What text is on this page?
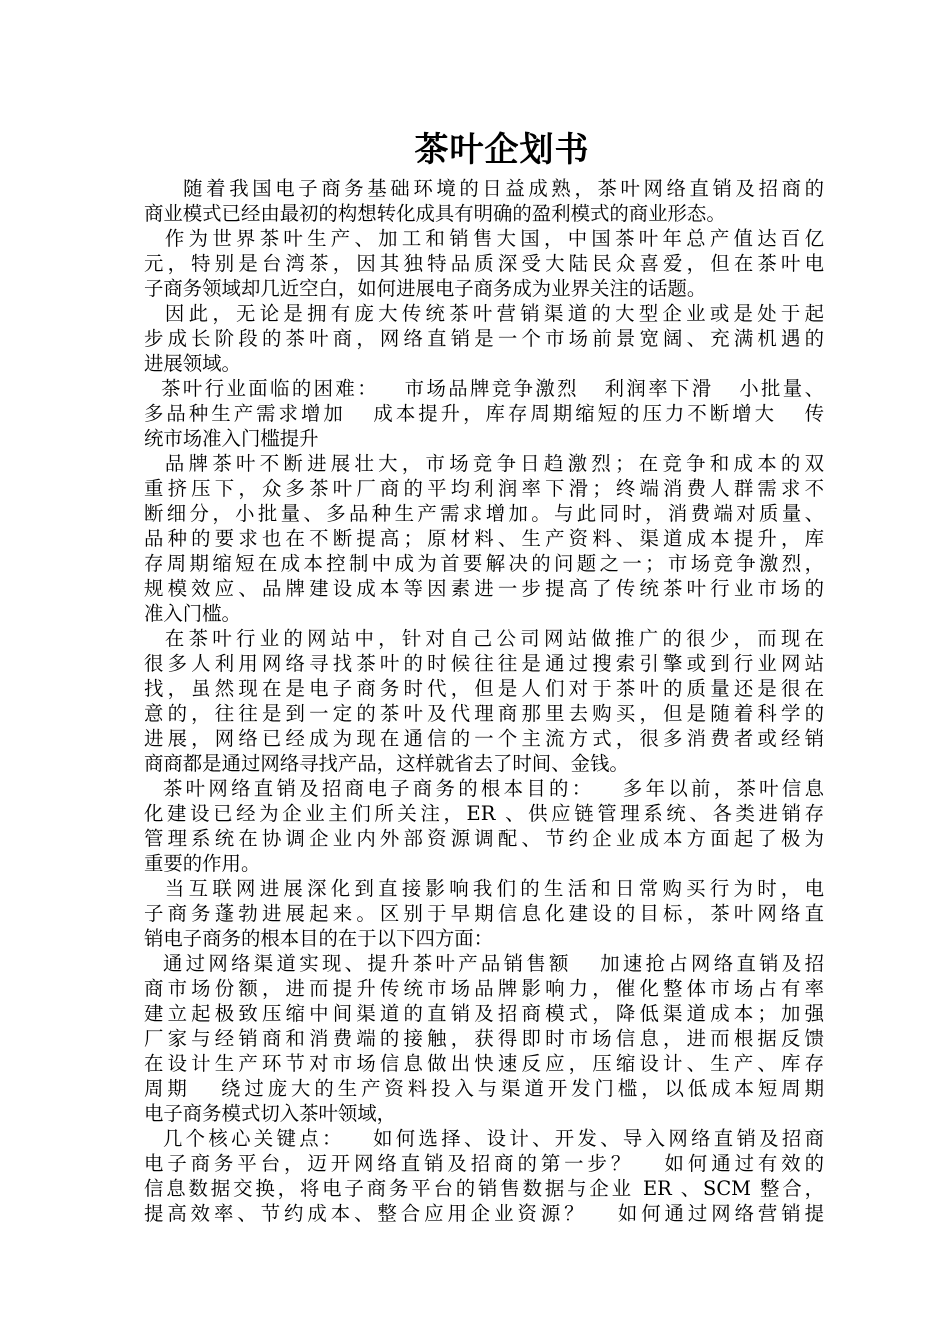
茶叶企划书
随着我国电子商务基础环境的日益成熟，茶叶网络直销及招商的
商业模式已经由最初的构想转化成具有明确的盈利模式的商业形态。
作为世界茶叶生产、加工和销售大国，中国茶叶年总产值达百亿
元，特别是台湾茶，因其独特品质深受大陆民众喜爱，但在茶叶电
子商务领域却几近空白，如何进展电子商务成为业界关注的话题。
因此，无论是拥有庞大传统茶叶营销渠道的大型企业或是处于起
步成长阶段的茶叶商，网络直销是一个市场前景宽阔、充满机遇的
进展领域。
茶叶行业面临的困难：   市场品牌竞争激烈   利润率下滑   小批量、
多品种生产需求增加   成本提升，库存周期缩短的压力不断增大   传
统市场准入门槛提升
品牌茶叶不断进展壮大，市场竞争日趋激烈；在竞争和成本的双
重挤压下，众多茶叶厂商的平均利润率下滑；终端消费人群需求不
断细分，小批量、多品种生产需求增加。与此同时，消费端对质量、
品种的要求也在不断提高；原材料、生产资料、渠道成本提升，库
存周期缩短在成本控制中成为首要解决的问题之一；市场竞争激烈，
规模效应、品牌建设成本等因素进一步提高了传统茶叶行业市场的
准入门槛。
在茶叶行业的网站中，针对自己公司网站做推广的很少，而现在
很多人利用网络寻找茶叶的时候往往是通过搜索引擎或到行业网站
找，虽然现在是电子商务时代，但是人们对于茶叶的质量还是很在
意的，往往是到一定的茶叶及代理商那里去购买，但是随着科学的
进展，网络已经成为现在通信的一个主流方式，很多消费者或经销
商商都是通过网络寻找产品，这样就省去了时间、金钱。
茶叶网络直销及招商电子商务的根本目的：   多年以前，茶叶信息
化建设已经为企业主们所关注，ER 、供应链管理系统、各类进销存
管理系统在协调企业内外部资源调配、节约企业成本方面起了极为
重要的作用。
当互联网进展深化到直接影响我们的生活和日常购买行为时，电
子商务蓬勃进展起来。区别于早期信息化建设的目标，茶叶网络直
销电子商务的根本目的在于以下四方面：
通过网络渠道实现、提升茶叶产品销售额   加速抢占网络直销及招
商市场份额，进而提升传统市场品牌影响力，催化整体市场占有率
建立起极致压缩中间渠道的直销及招商模式，降低渠道成本；加强
厂家与经销商和消费端的接触，获得即时市场信息，进而根据反馈
在设计生产环节对市场信息做出快速反应，压缩设计、生产、库存
周期   绕过庞大的生产资料投入与渠道开发门槛，以低成本短周期
电子商务模式切入茶叶领域，
几个核心关键点：   如何选择、设计、开发、导入网络直销及招商
电子商务平台，迈开网络直销及招商的第一步？   如何通过有效的
信息数据交换，将电子商务平台的销售数据与企业 ER 、SCM 整合，
提高效率、节约成本、整合应用企业资源？   如何通过网络营销提
